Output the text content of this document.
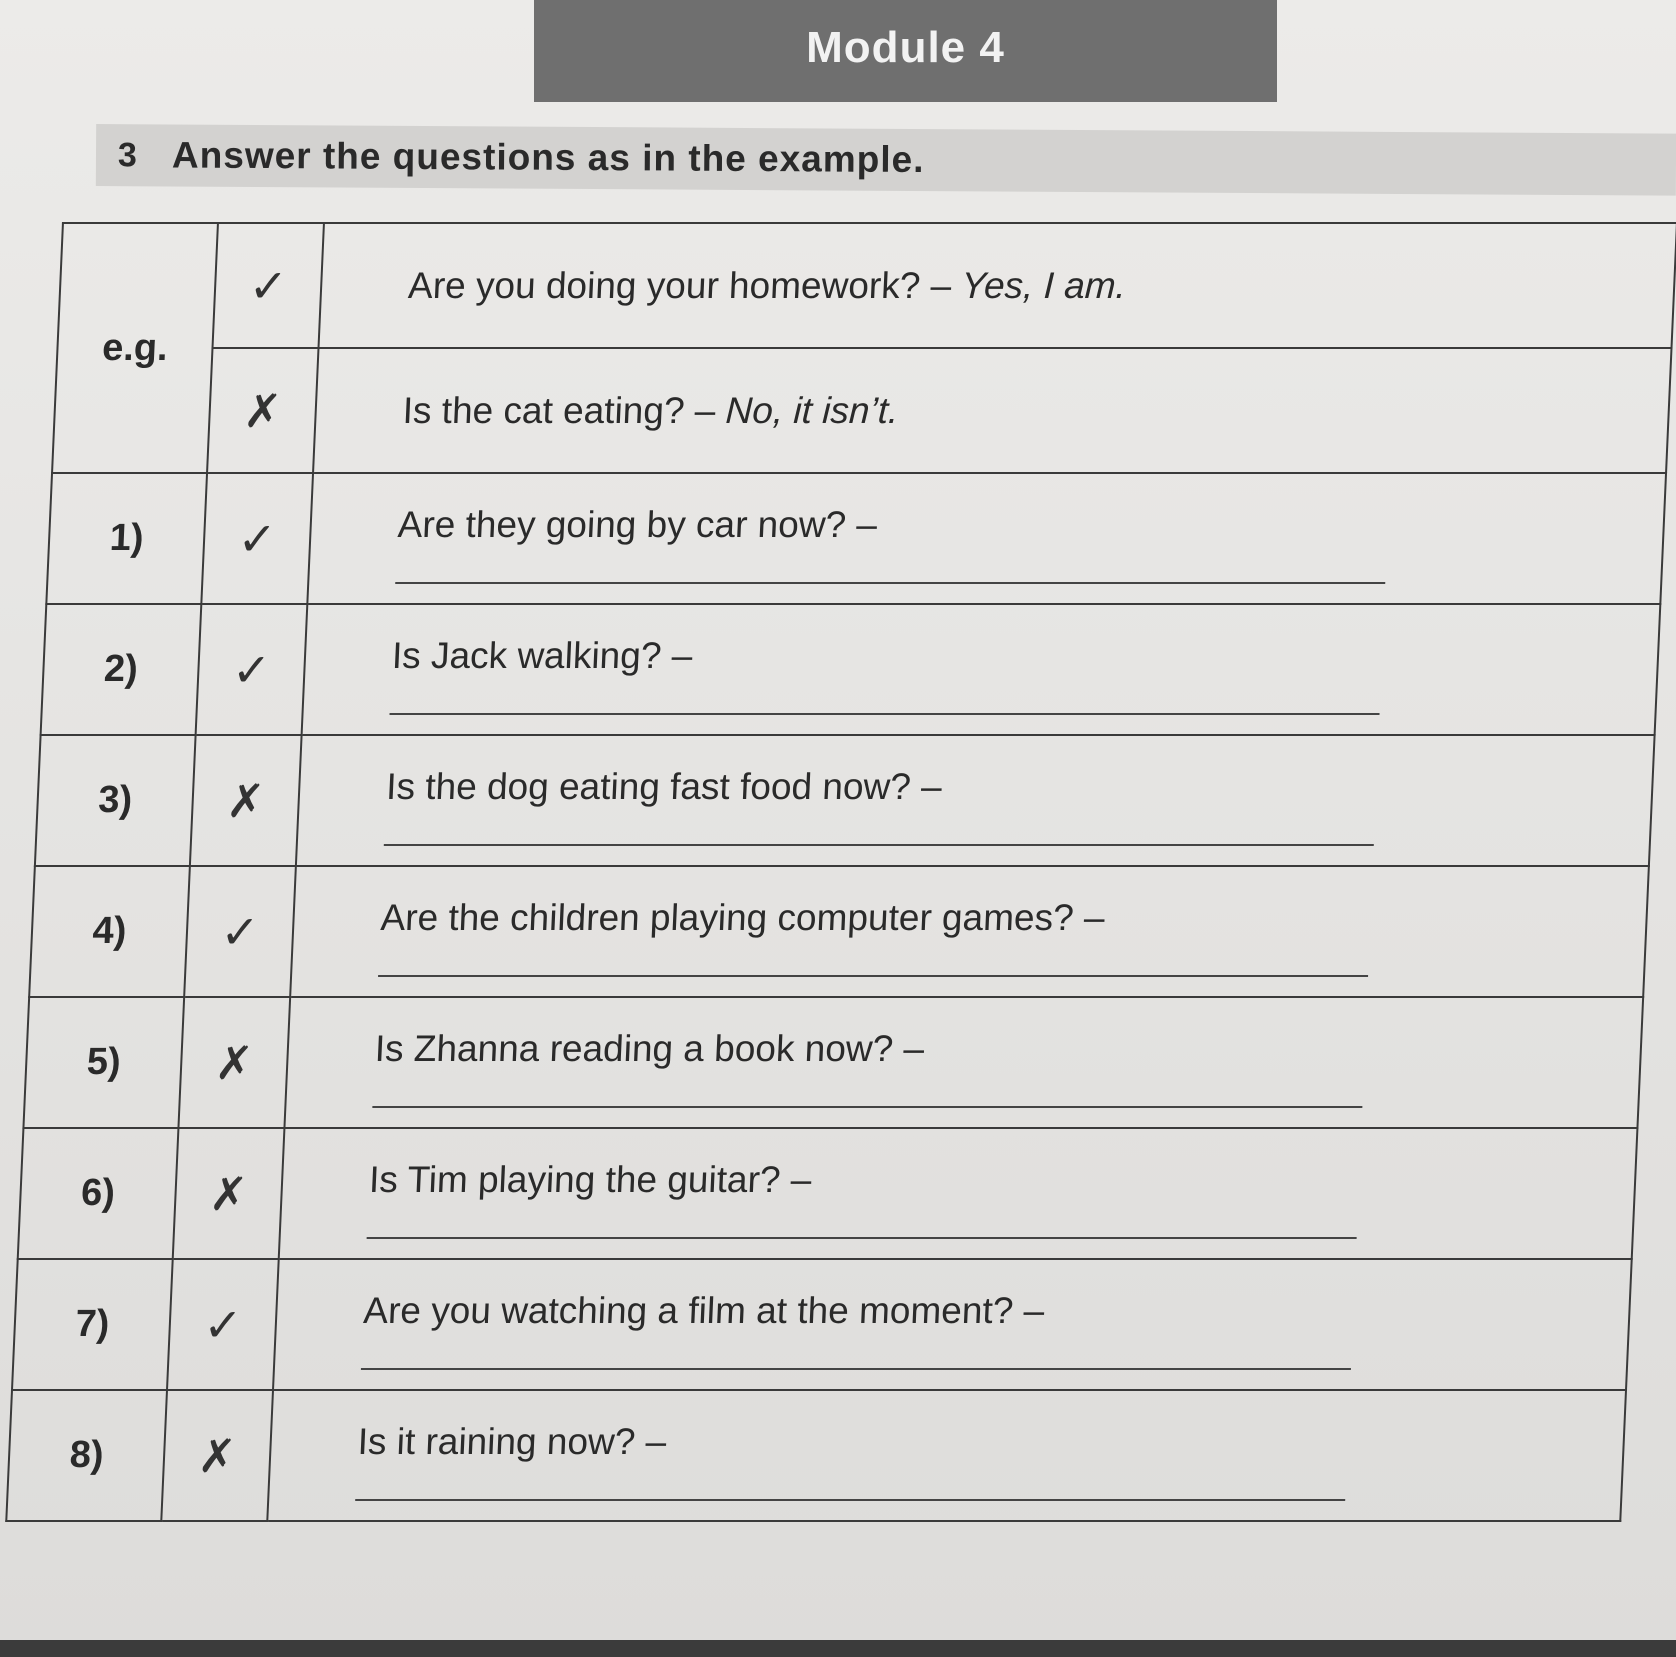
Module 4
3 Answer the questions as in the example.
e.g.	✓	Are you doing your homework? – Yes, I am.

	✗	Is the cat eating? – No, it isn’t.

1)	✓	Are they going by car now? –

2)	✓	Is Jack walking? –

3)	✗	Is the dog eating fast food now? –

4)	✓	Are the children playing computer games? –

5)	✗	Is Zhanna reading a book now? –

6)	✗	Is Tim playing the guitar? –

7)	✓	Are you watching a film at the moment? –

8)	✗	Is it raining now? –
